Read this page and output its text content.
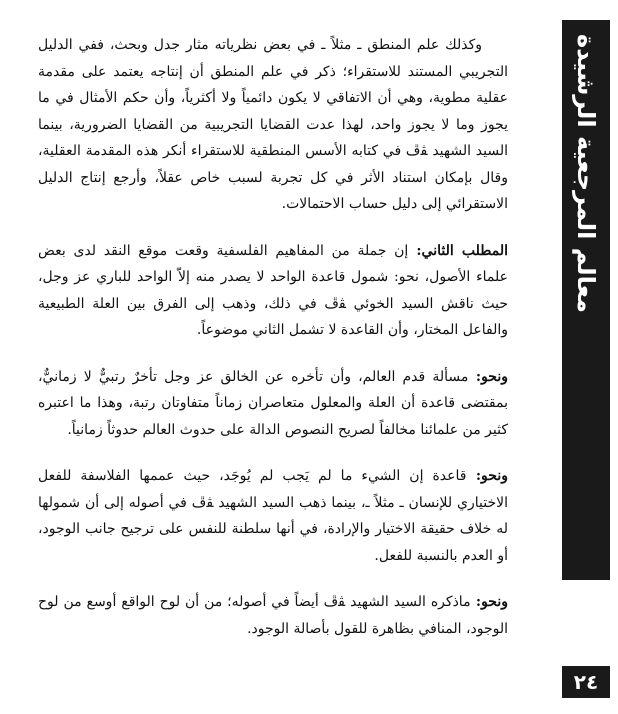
معالم المرجعية الرشيدة
٢٤

وكذلك علم المنطق ـ مثلاً ـ في بعض نظرياته مثار جدل وبحث، ففي الدليل التجريبي المستند للاستقراء؛ ذكر في علم المنطق أن إنتاجه يعتمد على مقدمة عقلية مطوية، وهي أن الاتفاقي لا يكون دائمياً ولا أكثرياً، وأن حكم الأمثال في ما يجوز وما لا يجوز واحد، لهذا عدت القضايا التجريبية من القضايا الضرورية، بينما السيد الشهيد ﭭﭮ في كتابه الأسس المنطقية للاستقراء أنكر هذه المقدمة العقلية، وقال بإمكان استناد الأثر في كل تجربة لسبب خاص عقلاً، وأرجع إنتاج الدليل الاستقرائي إلى دليل حساب الاحتمالات.

المطلب الثاني: إن جملة من المفاهيم الفلسفية وقعت موقع النقد لدى بعض علماء الأصول، نحو: شمول قاعدة الواحد لا يصدر منه إلاّ الواحد للباري عز وجل، حيث ناقش السيد الخوئي ﭭﭮ في ذلك، وذهب إلى الفرق بين العلة الطبيعية والفاعل المختار، وأن القاعدة لا تشمل الثاني موضوعاً.

ونحو: مسألة قدم العالم، وأن تأخره عن الخالق عز وجل تأخرٌ رتبيٌّ لا زمانيٌّ، بمقتضى قاعدة أن العلة والمعلول متعاصران زماناً متفاوتان رتبة، وهذا ما اعتبره كثير من علمائنا مخالفاً لصريح النصوص الدالة على حدوث العالم حدوثاً زمانياً.

ونحو: قاعدة إن الشيء ما لم يَجب لم يُوجَد، حيث عممها الفلاسفة للفعل الاختياري للإنسان ـ مثلاً ـ، بينما ذهب السيد الشهيد ﭭﭮ في أصوله إلى أن شمولها له خلاف حقيقة الاختيار والإرادة، في أنها سلطنة للنفس على ترجيح جانب الوجود، أو العدم بالنسبة للفعل.

ونحو: ماذكره السيد الشهيد ﭭﭮ أيضاً في أصوله؛ من أن لوح الواقع أوسع من لوح الوجود، المنافي بظاهرة للقول بأصالة الوجود.
